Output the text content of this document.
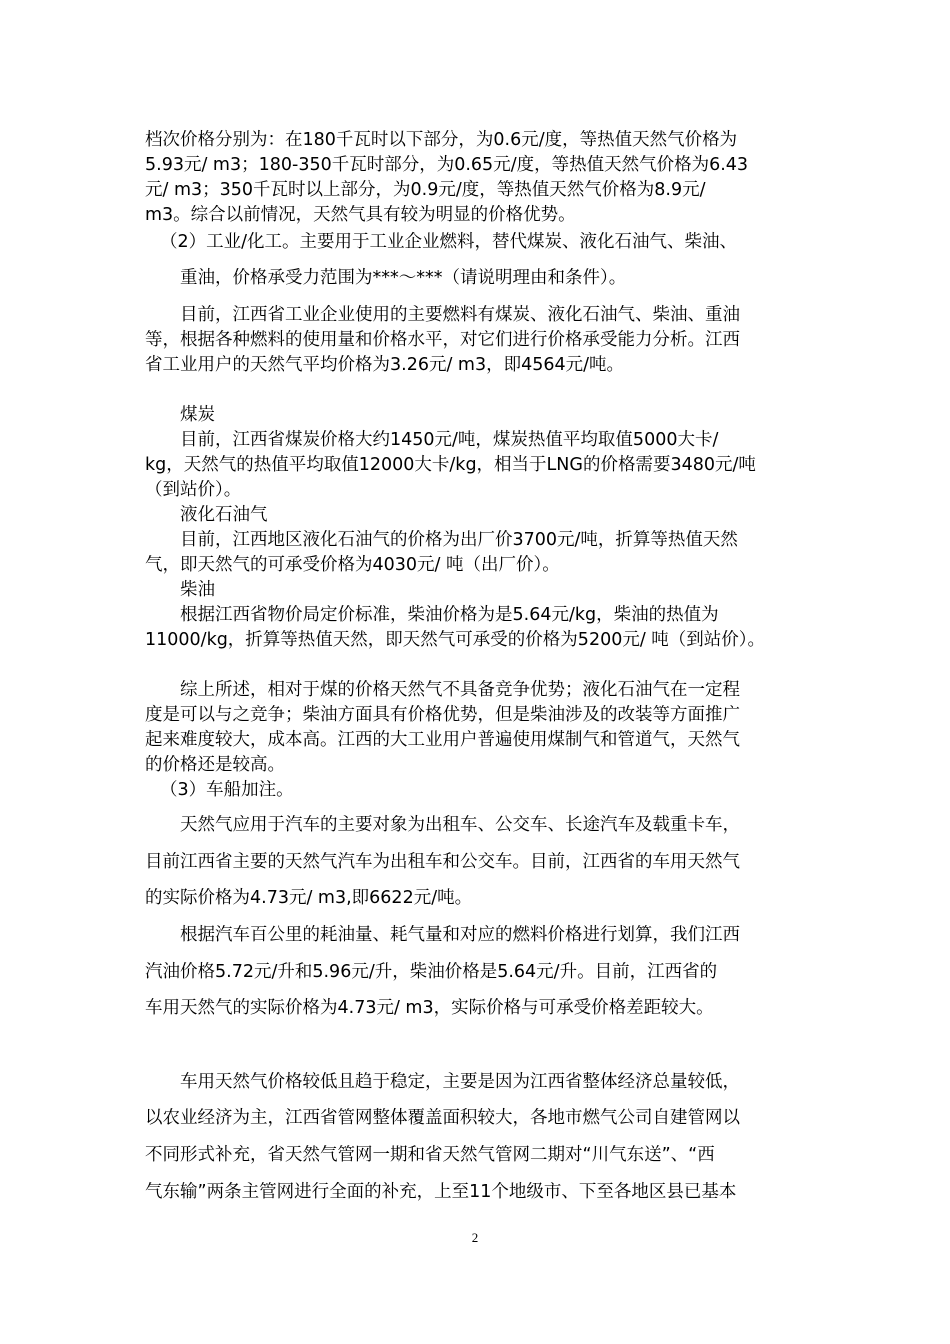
档次价格分别为：在180千瓦时以下部分，为0.6元/度，等热值天然气价格为

5.93元/ m3；180-350千瓦时部分，为0.65元/度，等热值天然气价格为6.43

元/ m3；350千瓦时以上部分，为0.9元/度，等热值天然气价格为8.9元/

m3。综合以前情况，天然气具有较为明显的价格优势。

（2）工业/化工。主要用于工业企业燃料，替代煤炭、液化石油气、柴油、

重油，价格承受力范围为***～***（请说明理由和条件）。

目前，江西省工业企业使用的主要燃料有煤炭、液化石油气、柴油、重油

等，根据各种燃料的使用量和价格水平，对它们进行价格承受能力分析。江西

省工业用户的天然气平均价格为3.26元/ m3，即4564元/吨。

煤炭

目前，江西省煤炭价格大约1450元/吨，煤炭热值平均取值5000大卡/

kg，天然气的热值平均取值12000大卡/kg，相当于LNG的价格需要3480元/吨

（到站价）。

液化石油气

目前，江西地区液化石油气的价格为出厂价3700元/吨，折算等热值天然

气，即天然气的可承受价格为4030元/ 吨（出厂价）。

柴油

根据江西省物价局定价标准，柴油价格为是5.64元/kg，柴油的热值为

11000/kg，折算等热值天然，即天然气可承受的价格为5200元/ 吨（到站价）。

综上所述，相对于煤的价格天然气不具备竞争优势；液化石油气在一定程

度是可以与之竞争；柴油方面具有价格优势，但是柴油涉及的改装等方面推广

起来难度较大，成本高。江西的大工业用户普遍使用煤制气和管道气，天然气

的价格还是较高。

（3）车船加注。

天然气应用于汽车的主要对象为出租车、公交车、长途汽车及载重卡车，

目前江西省主要的天然气汽车为出租车和公交车。目前，江西省的车用天然气

的实际价格为4.73元/ m3,即6622元/吨。

根据汽车百公里的耗油量、耗气量和对应的燃料价格进行划算，我们江西

汽油价格5.72元/升和5.96元/升，柴油价格是5.64元/升。目前，江西省的

车用天然气的实际价格为4.73元/ m3，实际价格与可承受价格差距较大。

车用天然气价格较低且趋于稳定，主要是因为江西省整体经济总量较低，

以农业经济为主，江西省管网整体覆盖面积较大，各地市燃气公司自建管网以

不同形式补充，省天然气管网一期和省天然气管网二期对“川气东送”、“西

气东输”两条主管网进行全面的补充，上至11个地级市、下至各地区县已基本

2
